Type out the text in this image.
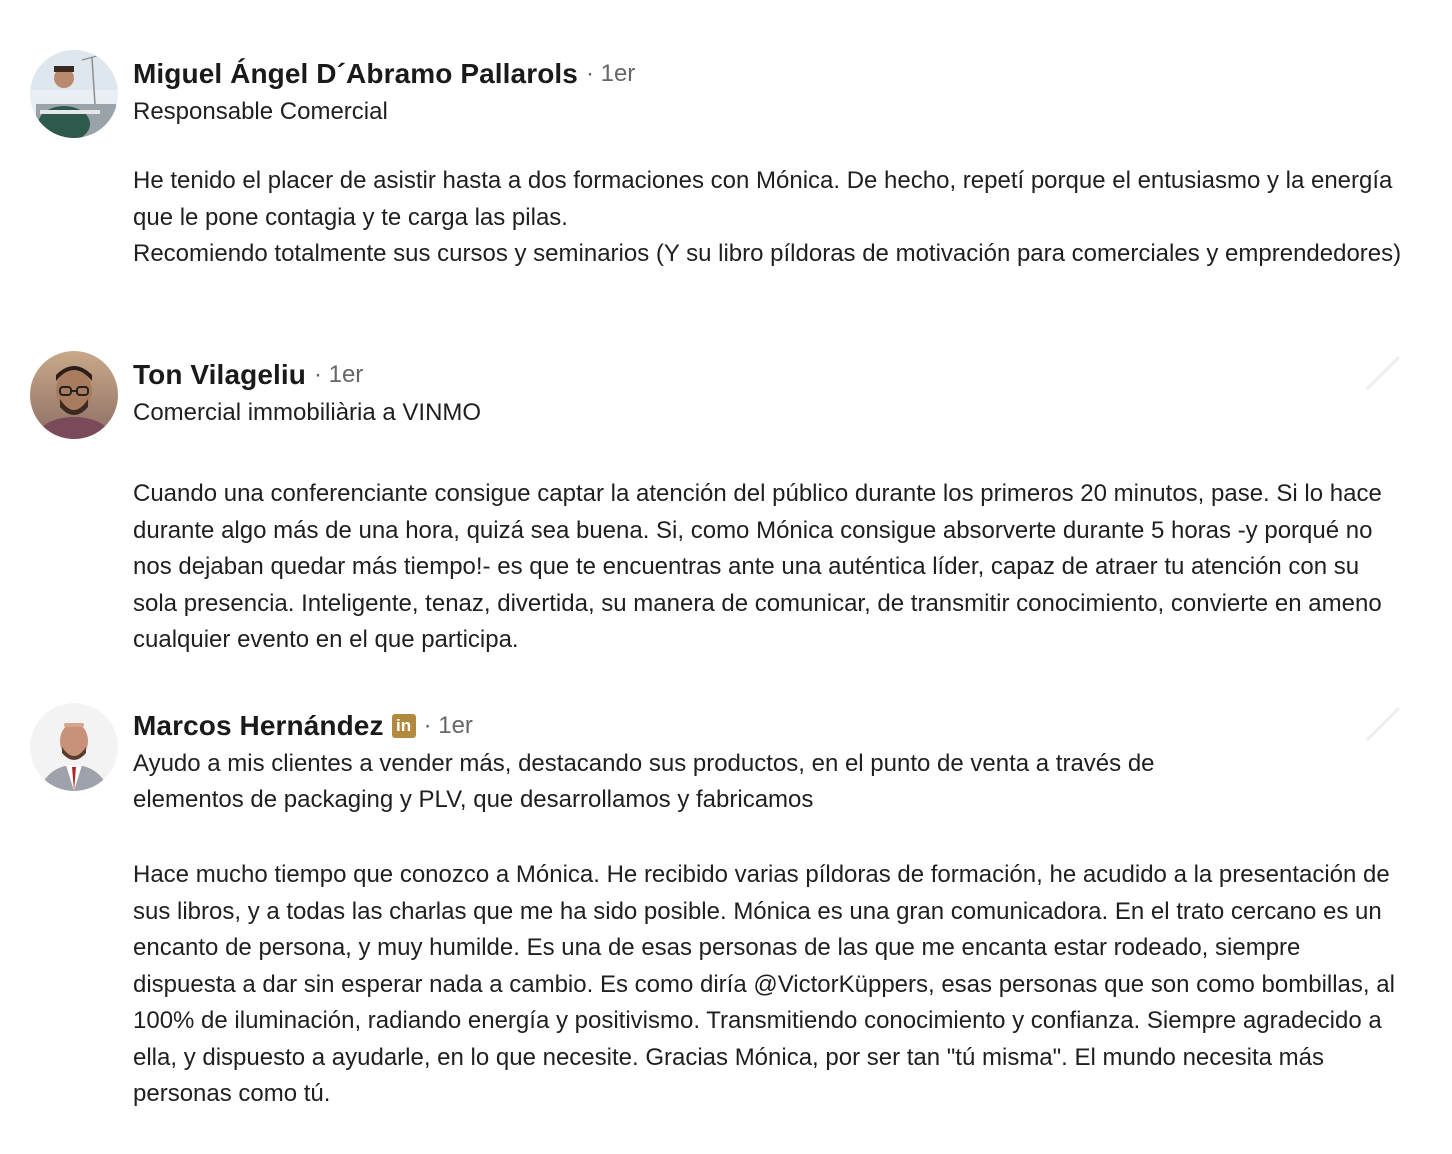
Miguel Ángel D´Abramo Pallarols · 1er
Responsable Comercial

He tenido el placer de asistir hasta a dos formaciones con Mónica. De hecho, repetí porque el entusiasmo y la energía que le pone contagia y te carga las pilas.

Recomiendo totalmente sus cursos y seminarios (Y su libro píldoras de motivación para comerciales y emprendedores)

Ton Vilageliu · 1er
Comercial immobiliària a VINMO

Cuando una conferenciante consigue captar la atención del público durante los primeros 20 minutos, pase. Si lo hace durante algo más de una hora, quizá sea buena. Si, como Mónica consigue absorverte durante 5 horas -y porqué no nos dejaban quedar más tiempo!- es que te encuentras ante una auténtica líder, capaz de atraer tu atención con su sola presencia. Inteligente, tenaz, divertida, su manera de comunicar, de transmitir conocimiento, convierte en ameno cualquier evento en el que participa.

Marcos Hernández in · 1er
Ayudo a mis clientes a vender más, destacando sus productos, en el punto de venta a través de
elementos de packaging y PLV, que desarrollamos y fabricamos

Hace mucho tiempo que conozco a Mónica. He recibido varias píldoras de formación, he acudido a la presentación de sus libros, y a todas las charlas que me ha sido posible. Mónica es una gran comunicadora. En el trato cercano es un encanto de persona, y muy humilde. Es una de esas personas de las que me encanta estar rodeado, siempre dispuesta a dar sin esperar nada a cambio. Es como diría @VictorKüppers, esas personas que son como bombillas, al 100% de iluminación, radiando energía y positivismo. Transmitiendo conocimiento y confianza. Siempre agradecido a ella, y dispuesto a ayudarle, en lo que necesite. Gracias Mónica, por ser tan "tú misma". El mundo necesita más personas como tú.
